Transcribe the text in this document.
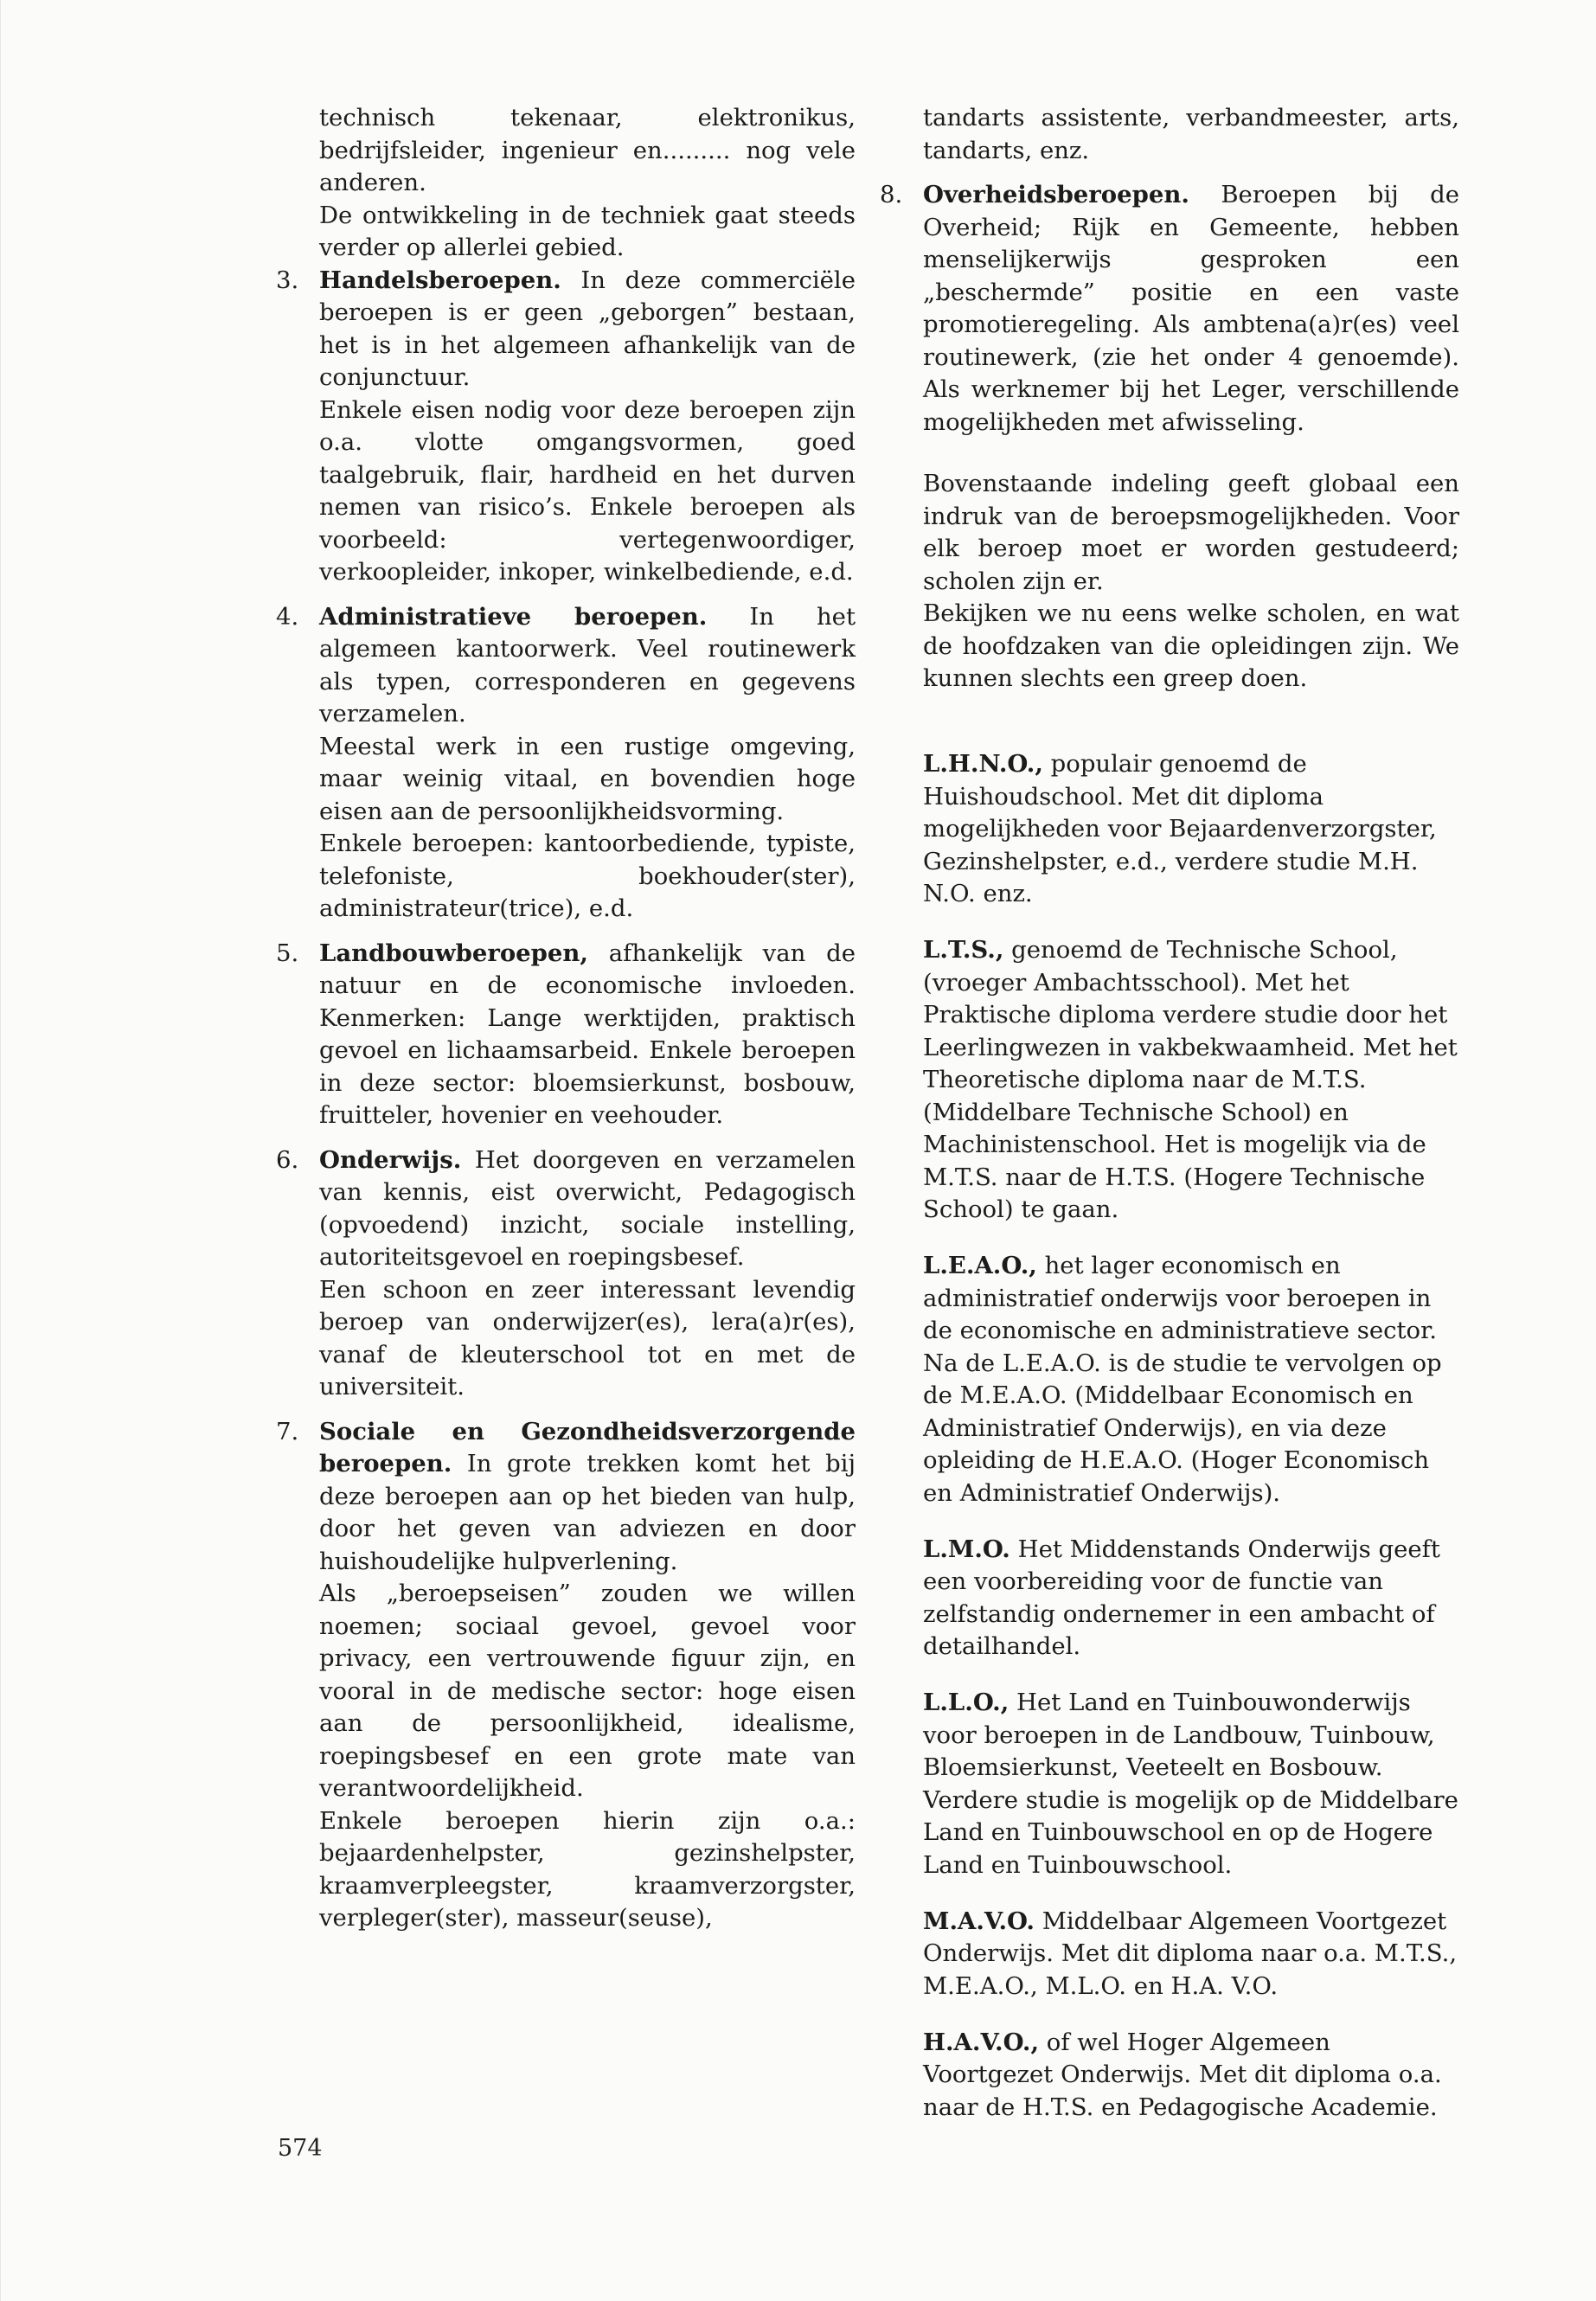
technisch tekenaar, elektronikus, bedrijfsleider, ingenieur en......... nog vele anderen.

De ontwikkeling in de techniek gaat steeds verder op allerlei gebied.

3. Handelsberoepen. In deze commerciële beroepen is er geen „geborgen” bestaan, het is in het algemeen afhankelijk van de conjunctuur.

Enkele eisen nodig voor deze beroepen zijn o.a. vlotte omgangsvormen, goed taalgebruik, flair, hardheid en het durven nemen van risico’s. Enkele beroepen als voorbeeld: vertegenwoordiger, verkoopleider, inkoper, winkelbediende, e.d.

4. Administratieve beroepen. In het algemeen kantoorwerk. Veel routinewerk als typen, corresponderen en gegevens verzamelen.

Meestal werk in een rustige omgeving, maar weinig vitaal, en bovendien hoge eisen aan de persoonlijkheidsvorming.

Enkele beroepen: kantoorbediende, typiste, telefoniste, boekhouder(ster), administrateur(trice), e.d.

5. Landbouwberoepen, afhankelijk van de natuur en de economische invloeden. Kenmerken: Lange werktijden, praktisch gevoel en lichaamsarbeid. Enkele beroepen in deze sector: bloemsierkunst, bosbouw, fruitteler, hovenier en veehouder.

6. Onderwijs. Het doorgeven en verzamelen van kennis, eist overwicht, Pedagogisch (opvoedend) inzicht, sociale instelling, autoriteitsgevoel en roepingsbesef.

Een schoon en zeer interessant levendig beroep van onderwijzer(es), lera(a)r(es), vanaf de kleuterschool tot en met de universiteit.

7. Sociale en Gezondheidsverzorgende beroepen. In grote trekken komt het bij deze beroepen aan op het bieden van hulp, door het geven van adviezen en door huishoudelijke hulpverlening.

Als „beroepseisen” zouden we willen noemen; sociaal gevoel, gevoel voor privacy, een vertrouwende figuur zijn, en vooral in de medische sector: hoge eisen aan de persoonlijkheid, idealisme, roepingsbesef en een grote mate van verantwoordelijkheid.

Enkele beroepen hierin zijn o.a.: bejaardenhelpster, gezinshelpster, kraamverpleegster, kraamverzorgster, verpleger(ster), masseur(seuse),

tandarts assistente, verbandmeester, arts, tandarts, enz.

8. Overheidsberoepen. Beroepen bij de Overheid; Rijk en Gemeente, hebben menselijkerwijs gesproken een „beschermde” positie en een vaste promotieregeling. Als ambtena(a)r(es) veel routinewerk, (zie het onder 4 genoemde). Als werknemer bij het Leger, verschillende mogelijkheden met afwisseling.

Bovenstaande indeling geeft globaal een indruk van de beroepsmogelijkheden. Voor elk beroep moet er worden gestudeerd; scholen zijn er.

Bekijken we nu eens welke scholen, en wat de hoofdzaken van die opleidingen zijn. We kunnen slechts een greep doen.

L.H.N.O., populair genoemd de Huishoudschool. Met dit diploma mogelijkheden voor Bejaardenverzorgster, Gezinshelpster, e.d., verdere studie M.H. N.O. enz.

L.T.S., genoemd de Technische School, (vroeger Ambachtsschool). Met het Praktische diploma verdere studie door het Leerlingwezen in vakbekwaamheid. Met het Theoretische diploma naar de M.T.S. (Middelbare Technische School) en Machinistenschool. Het is mogelijk via de M.T.S. naar de H.T.S. (Hogere Technische School) te gaan.

L.E.A.O., het lager economisch en administratief onderwijs voor beroepen in de economische en administratieve sector. Na de L.E.A.O. is de studie te vervolgen op de M.E.A.O. (Middelbaar Economisch en Administratief Onderwijs), en via deze opleiding de H.E.A.O. (Hoger Economisch en Administratief Onderwijs).

L.M.O. Het Middenstands Onderwijs geeft een voorbereiding voor de functie van zelfstandig ondernemer in een ambacht of detailhandel.

L.L.O., Het Land en Tuinbouwonderwijs voor beroepen in de Landbouw, Tuinbouw, Bloemsierkunst, Veeteelt en Bosbouw. Verdere studie is mogelijk op de Middelbare Land en Tuinbouwschool en op de Hogere Land en Tuinbouwschool.

M.A.V.O. Middelbaar Algemeen Voortgezet Onderwijs. Met dit diploma naar o.a. M.T.S., M.E.A.O., M.L.O. en H.A. V.O.

H.A.V.O., of wel Hoger Algemeen Voortgezet Onderwijs. Met dit diploma o.a. naar de H.T.S. en Pedagogische Academie.

574
